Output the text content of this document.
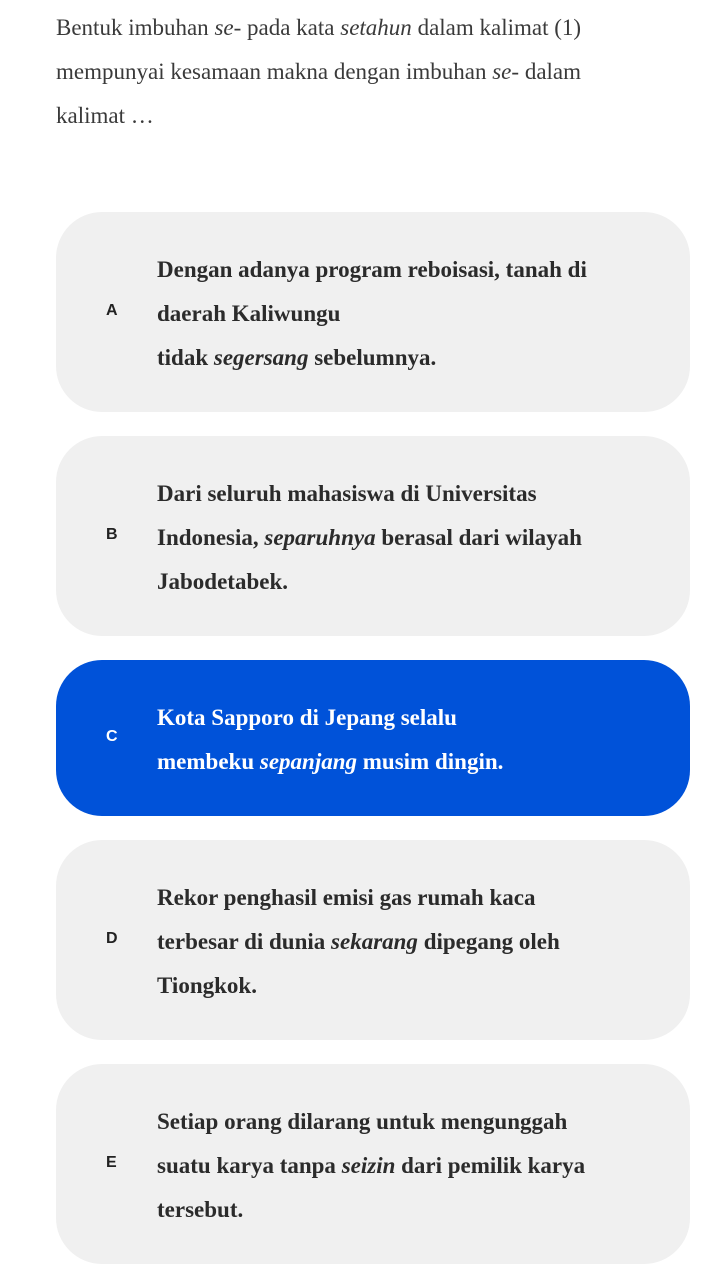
Bentuk imbuhan se- pada kata setahun dalam kalimat (1)

mempunyai kesamaan makna dengan imbuhan se- dalam

kalimat …

A

Dengan adanya program reboisasi, tanah di

daerah Kaliwungu

tidak segersang sebelumnya.

B

Dari seluruh mahasiswa di Universitas

Indonesia, separuhnya berasal dari wilayah

Jabodetabek.

C

Kota Sapporo di Jepang selalu

membeku sepanjang musim dingin.

D

Rekor penghasil emisi gas rumah kaca

terbesar di dunia sekarang dipegang oleh

Tiongkok.

E

Setiap orang dilarang untuk mengunggah

suatu karya tanpa seizin dari pemilik karya

tersebut.
